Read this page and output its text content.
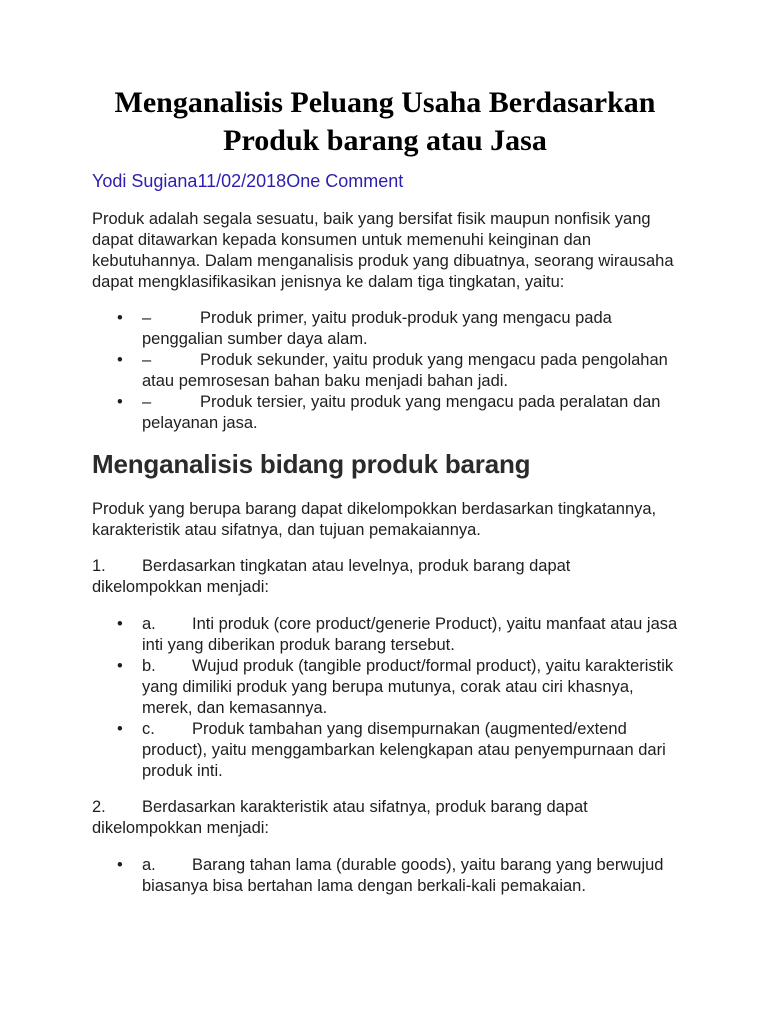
Menganalisis Peluang Usaha Berdasarkan
Produk barang atau Jasa
Yodi Sugiana11/02/2018One Comment

Produk adalah segala sesuatu, baik yang bersifat fisik maupun nonfisik yang dapat ditawarkan kepada konsumen untuk memenuhi keinginan dan kebutuhannya. Dalam menganalisis produk yang dibuatnya, seorang wirausaha dapat mengklasifikasikan jenisnya ke dalam tiga tingkatan, yaitu:

• –	Produk primer, yaitu produk-produk yang mengacu pada penggalian sumber daya alam.
• –	Produk sekunder, yaitu produk yang mengacu pada pengolahan atau pemrosesan bahan baku menjadi bahan jadi.
• –	Produk tersier, yaitu produk yang mengacu pada peralatan dan pelayanan jasa.
Menganalisis bidang produk barang

Produk yang berupa barang dapat dikelompokkan berdasarkan tingkatannya, karakteristik atau sifatnya, dan tujuan pemakaiannya.

1. Berdasarkan tingkatan atau levelnya, produk barang dapat dikelompokkan menjadi:

• a. Inti produk (core product/generie Product), yaitu manfaat atau jasa inti yang diberikan produk barang tersebut.
• b. Wujud produk (tangible product/formal product), yaitu karakteristik yang dimiliki produk yang berupa mutunya, corak atau ciri khasnya, merek, dan kemasannya.
• c. Produk tambahan yang disempurnakan (augmented/extend product), yaitu menggambarkan kelengkapan atau penyempurnaan dari produk inti.

2. Berdasarkan karakteristik atau sifatnya, produk barang dapat dikelompokkan menjadi:

• a. Barang tahan lama (durable goods), yaitu barang yang berwujud biasanya bisa bertahan lama dengan berkali-kali pemakaian.
